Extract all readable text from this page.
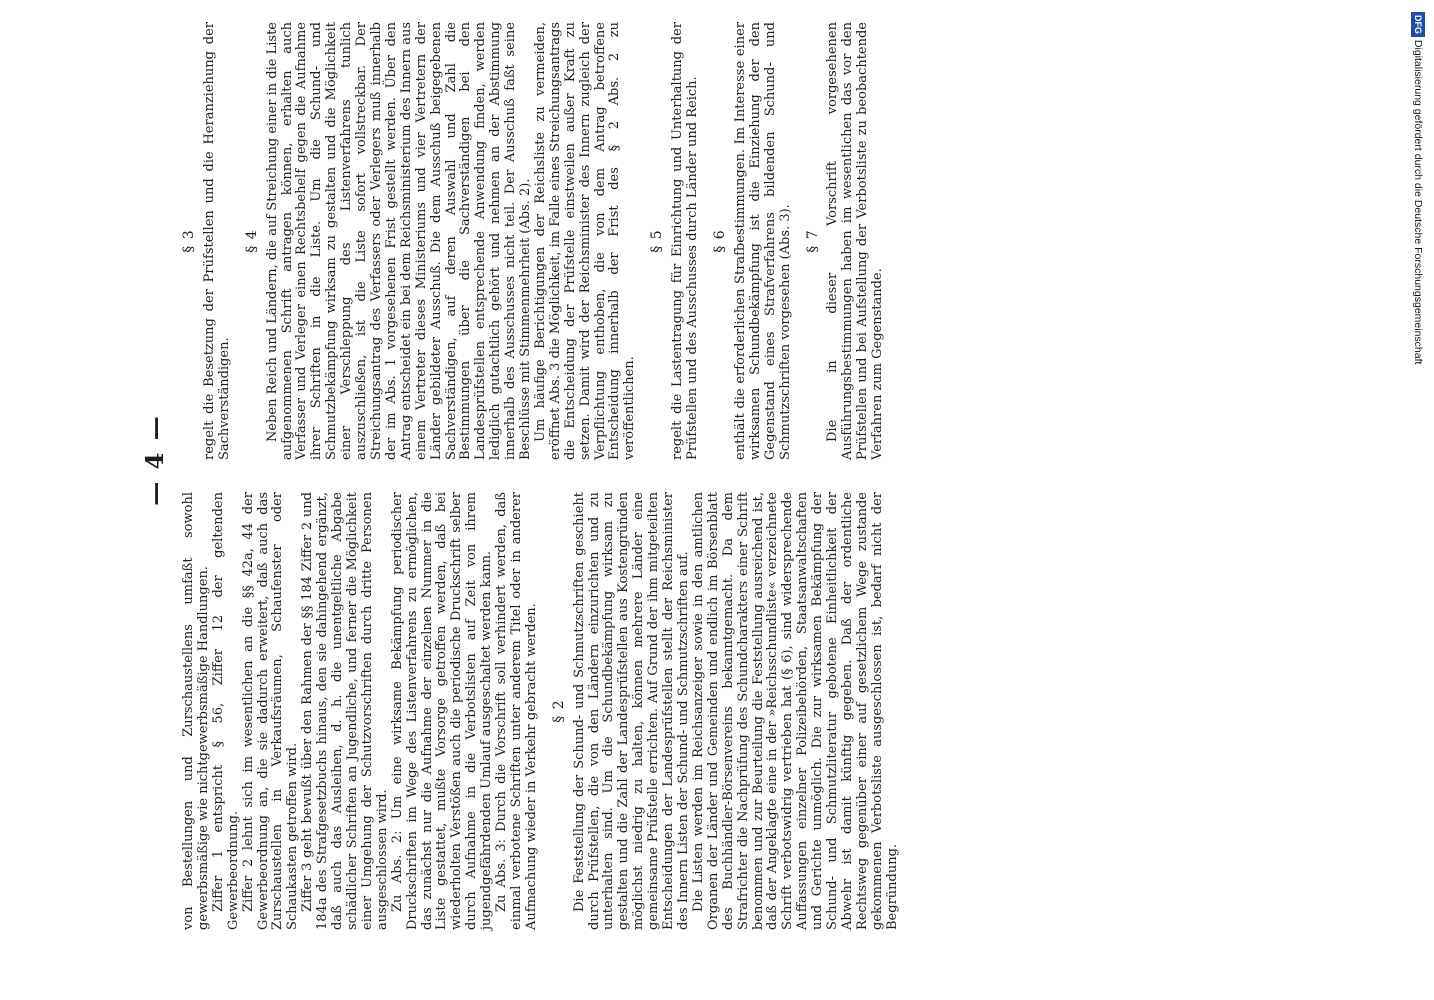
— 4 —

von Bestellungen und Zurschaustellens umfaßt sowohl gewerbsmäßige wie nichtgewerbsmäßige Handlungen. Ziffer 1 entspricht § 56, Ziffer 12 der geltenden Gewerbeordnung. Ziffer 2 lehnt sich im wesentlichen an die §§ 42a, 44 der Gewerbeordnung an, die sie dadurch erweitert, daß auch das Zurschaustellen in Verkaufsräumen, Schaufenster oder Schaukasten getroffen wird. Ziffer 3 geht bewußt über den Rahmen der §§ 184 Ziffer 2 und 184a des Strafgesetzbuchs hinaus, den sie dahingehend ergänzt, daß auch das Ausleihen, d. h. die unentgeltliche Abgabe schädlicher Schriften an Jugendliche, und ferner die Möglichkeit einer Umgehung der Schutzvorschriften durch dritte Personen ausgeschlossen wird. Zu Abs. 2: Um eine wirksame Bekämpfung periodischer Druckschriften im Wege des Listenverfahrens zu ermöglichen, das zunächst nur die Aufnahme der einzelnen Nummer in die Liste gestattet, mußte Vorsorge getroffen werden, daß bei wiederholten Verstößen auch die periodische Druckschrift selber durch Aufnahme in die Verbotslisten auf Zeit von ihrem jugendgefährdenden Umlauf ausgeschaltet werden kann. Zu Abs. 3: Durch die Vorschrift soll verhindert werden, daß einmal verbotene Schriften unter anderem Titel oder in anderer Aufmachung wieder in Verkehr gebracht werden. § 2 Die Feststellung der Schund- und Schmutzschriften geschieht durch Prüfstellen, die von den Ländern einzurichten und zu unterhalten sind. Um die Schundbekämpfung wirksam zu gestalten und die Zahl der Landesprüfstellen aus Kostengründen möglichst niedrig zu halten, können mehrere Länder eine gemeinsame Prüfstelle errichten. Auf Grund der ihm mitgeteilten Entscheidungen der Landesprüfstellen stellt der Reichsminister des Innern Listen der Schund- und Schmutzschriften auf. Die Listen werden im Reichsanzeiger sowie in den amtlichen Organen der Länder und Gemeinden und endlich im Börsenblatt des Buchhändler-Börsenvereins bekanntgemacht. Da dem Strafrichter die Nachprüfung des Schundcharakters einer Schrift benommen und zur Beurteilung die Feststellung ausreichend ist, daß der Angeklagte eine in der »Reichsschundliste« verzeichnete Schrift verbotswidrig vertrieben hat (§ 6), sind widersprechende Auffassungen einzelner Polizeibehörden, Staatsanwaltschaften und Gerichte unmöglich. Die zur wirksamen Bekämpfung der Schund- und Schmutzliteratur gebotene Einheitlichkeit der Abwehr ist damit künftig gegeben. Daß der ordentliche Rechtsweg gegenüber einer auf gesetzlichem Wege zustande gekommenen Verbotsliste ausgeschlossen ist, bedarf nicht der Begründung.

§ 3 regelt die Besetzung der Prüfstellen und die Heranziehung der Sachverständigen.

§ 4 Neben Reich und Ländern, die auf Streichung einer in die Liste aufgenommenen Schrift antragen können, erhalten auch Verfasser und Verleger einen Rechtsbehelf gegen die Aufnahme ihrer Schriften in die Liste. Um die Schund- und Schmutzbekämpfung wirksam zu gestalten und die Möglichkeit einer Verschleppung des Listenverfahrens tunlich auszuschließen, ist die Liste sofort vollstreckbar. Der Streichungsantrag des Verfassers oder Verlegers muß innerhalb der im Abs. 1 vorgesehenen Frist gestellt werden. Über den Antrag entscheidet ein bei dem Reichsministerium des Innern aus einem Vertreter dieses Ministeriums und vier Vertretern der Länder gebildeter Ausschuß. Die dem Ausschuß beigegebenen Sachverständigen, auf deren Auswahl und Zahl die Bestimmungen über die Sachverständigen bei den Landesprüfstellen entsprechende Anwendung finden, werden lediglich gutachtlich gehört und nehmen an der Abstimmung innerhalb des Ausschusses nicht teil. Der Ausschuß faßt seine Beschlüsse mit Stimmenmehrheit (Abs. 2). Um häufige Berichtigungen der Reichsliste zu vermeiden, eröffnet Abs. 3 die Möglichkeit, im Falle eines Streichungsantrags die Entscheidung der Prüfstelle einstweilen außer Kraft zu setzen. Damit wird der Reichsminister des Innern zugleich der Verpflichtung enthoben, die von dem Antrag betroffene Entscheidung innerhalb der Frist des § 2 Abs. 2 zu veröffentlichen.

§ 5 regelt die Lastentragung für Einrichtung und Unterhaltung der Prüfstellen und des Ausschusses durch Länder und Reich. § 6 enthält die erforderlichen Strafbestimmungen. Im Interesse einer wirksamen Schundbekämpfung ist die Einziehung der den Gegenstand eines Strafverfahrens bildenden Schund- und Schmutzschriften vorgesehen (Abs. 3). § 7 Die in dieser Vorschrift vorgesehenen Ausführungsbestimmungen haben im wesentlichen das vor den Prüfstellen und bei Aufstellung der Verbotsliste zu beobachtende Verfahren zum Gegenstande.

DFG Digitalisierung gefördert durch die Deutsche Forschungsgemeinschaft
